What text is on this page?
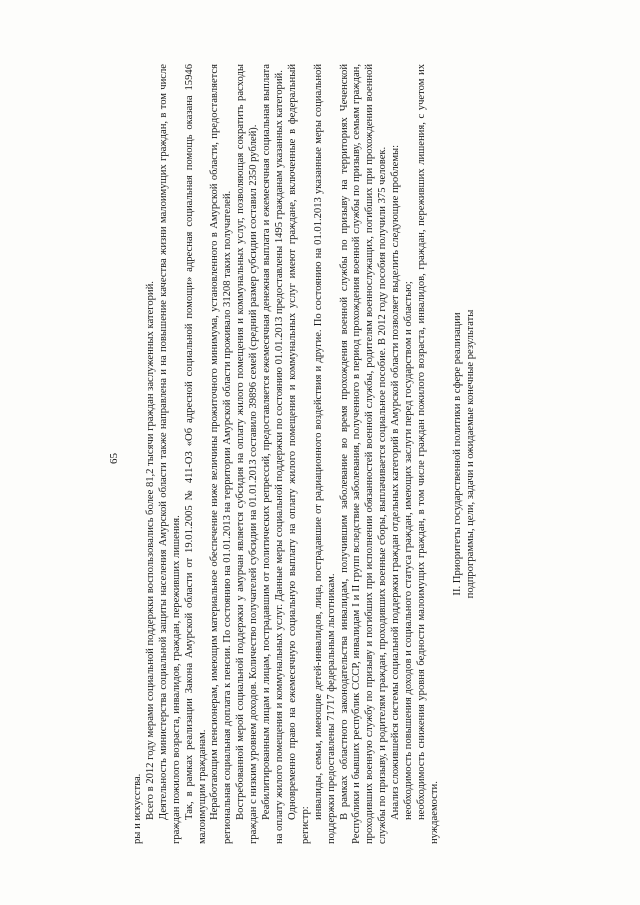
65

ры и искусства. Всего в 2012 году мерами социальной поддержки воспользовались более 81,2 тысячи граждан заслуженных категорий. Деятельность министерства социальной защиты населения Амурской области также направлена и на повышение качества жизни малоимущих граждан, в том числе граждан пожилого возраста, инвалидов, граждан, переживших лишения. Так, в рамках реализации Закона Амурской области от 19.01.2005 № 411-ОЗ «Об адресной социальной помощи» адресная социальная помощь оказана 15946 малоимущим гражданам. Неработающим пенсионерам, имеющим материальное обеспечение ниже величины прожиточного минимума, установленного в Амурской области, предоставляется региональная социальная доплата к пенсии. По состоянию на 01.01.2013 на территории Амурской области проживало 31208 таких получателей. Востребованной мерой социальной поддержки у амурчан является субсидия на оплату жилого помещения и коммунальных услуг, позволяющая сократить расходы граждан с низким уровнем доходов. Количество получателей субсидии на 01.01.2013 составило 39896 семей (средний размер субсидии составил 2350 рублей). Реабилитированным лицам и лицам, пострадавшим от политических репрессий, предоставляется ежемесячная денежная выплата и ежемесячная социальная выплата на оплату жилого помещения и коммунальных услуг. Данные меры социальной поддержки по состоянию 01.01.2013 предоставлены 1495 гражданам указанных категорий. Одновременно право на ежемесячную социальную выплату на оплату жилого помещения и коммунальных услуг имеют граждане, включенные в федеральный регистр:

инвалиды, семьи, имеющие детей-инвалидов, лица, пострадавшие от радиационного воздействия и другие. По состоянию на 01.01.2013 указанные меры социальной поддержки предоставлены 71717 федеральным льготникам. В рамках областного законодательства инвалидам, получившим заболевание во время прохождения военной службы по призыву на территориях Чеченской Республики и бывших республик СССР, инвалидам I и II групп вследствие заболевания, полученного в период прохождения военной службы по призыву, семьям граждан, проходивших военную службу по призыву и погибших при исполнении обязанностей военной службы, родителям военнослужащих, погибших при прохождении военной службы по призыву, и родителям граждан, проходивших военные сборы, выплачивается социальное пособие. В 2012 году пособия получили 375 человек. Анализ сложившейся системы социальной поддержки граждан отдельных категорий в Амурской области позволяет выделить следующие проблемы: необходимость повышения доходов и социального статуса граждан, имеющих заслуги перед государством и областью; необходимость снижения уровня бедности малоимущих граждан, в том числе граждан пожилого возраста, инвалидов, граждан, переживших лишения, с учетом их нуждаемости.

II. Приоритеты государственной политики в сфере реализации подпрограммы, цели, задачи и ожидаемые конечные результаты
